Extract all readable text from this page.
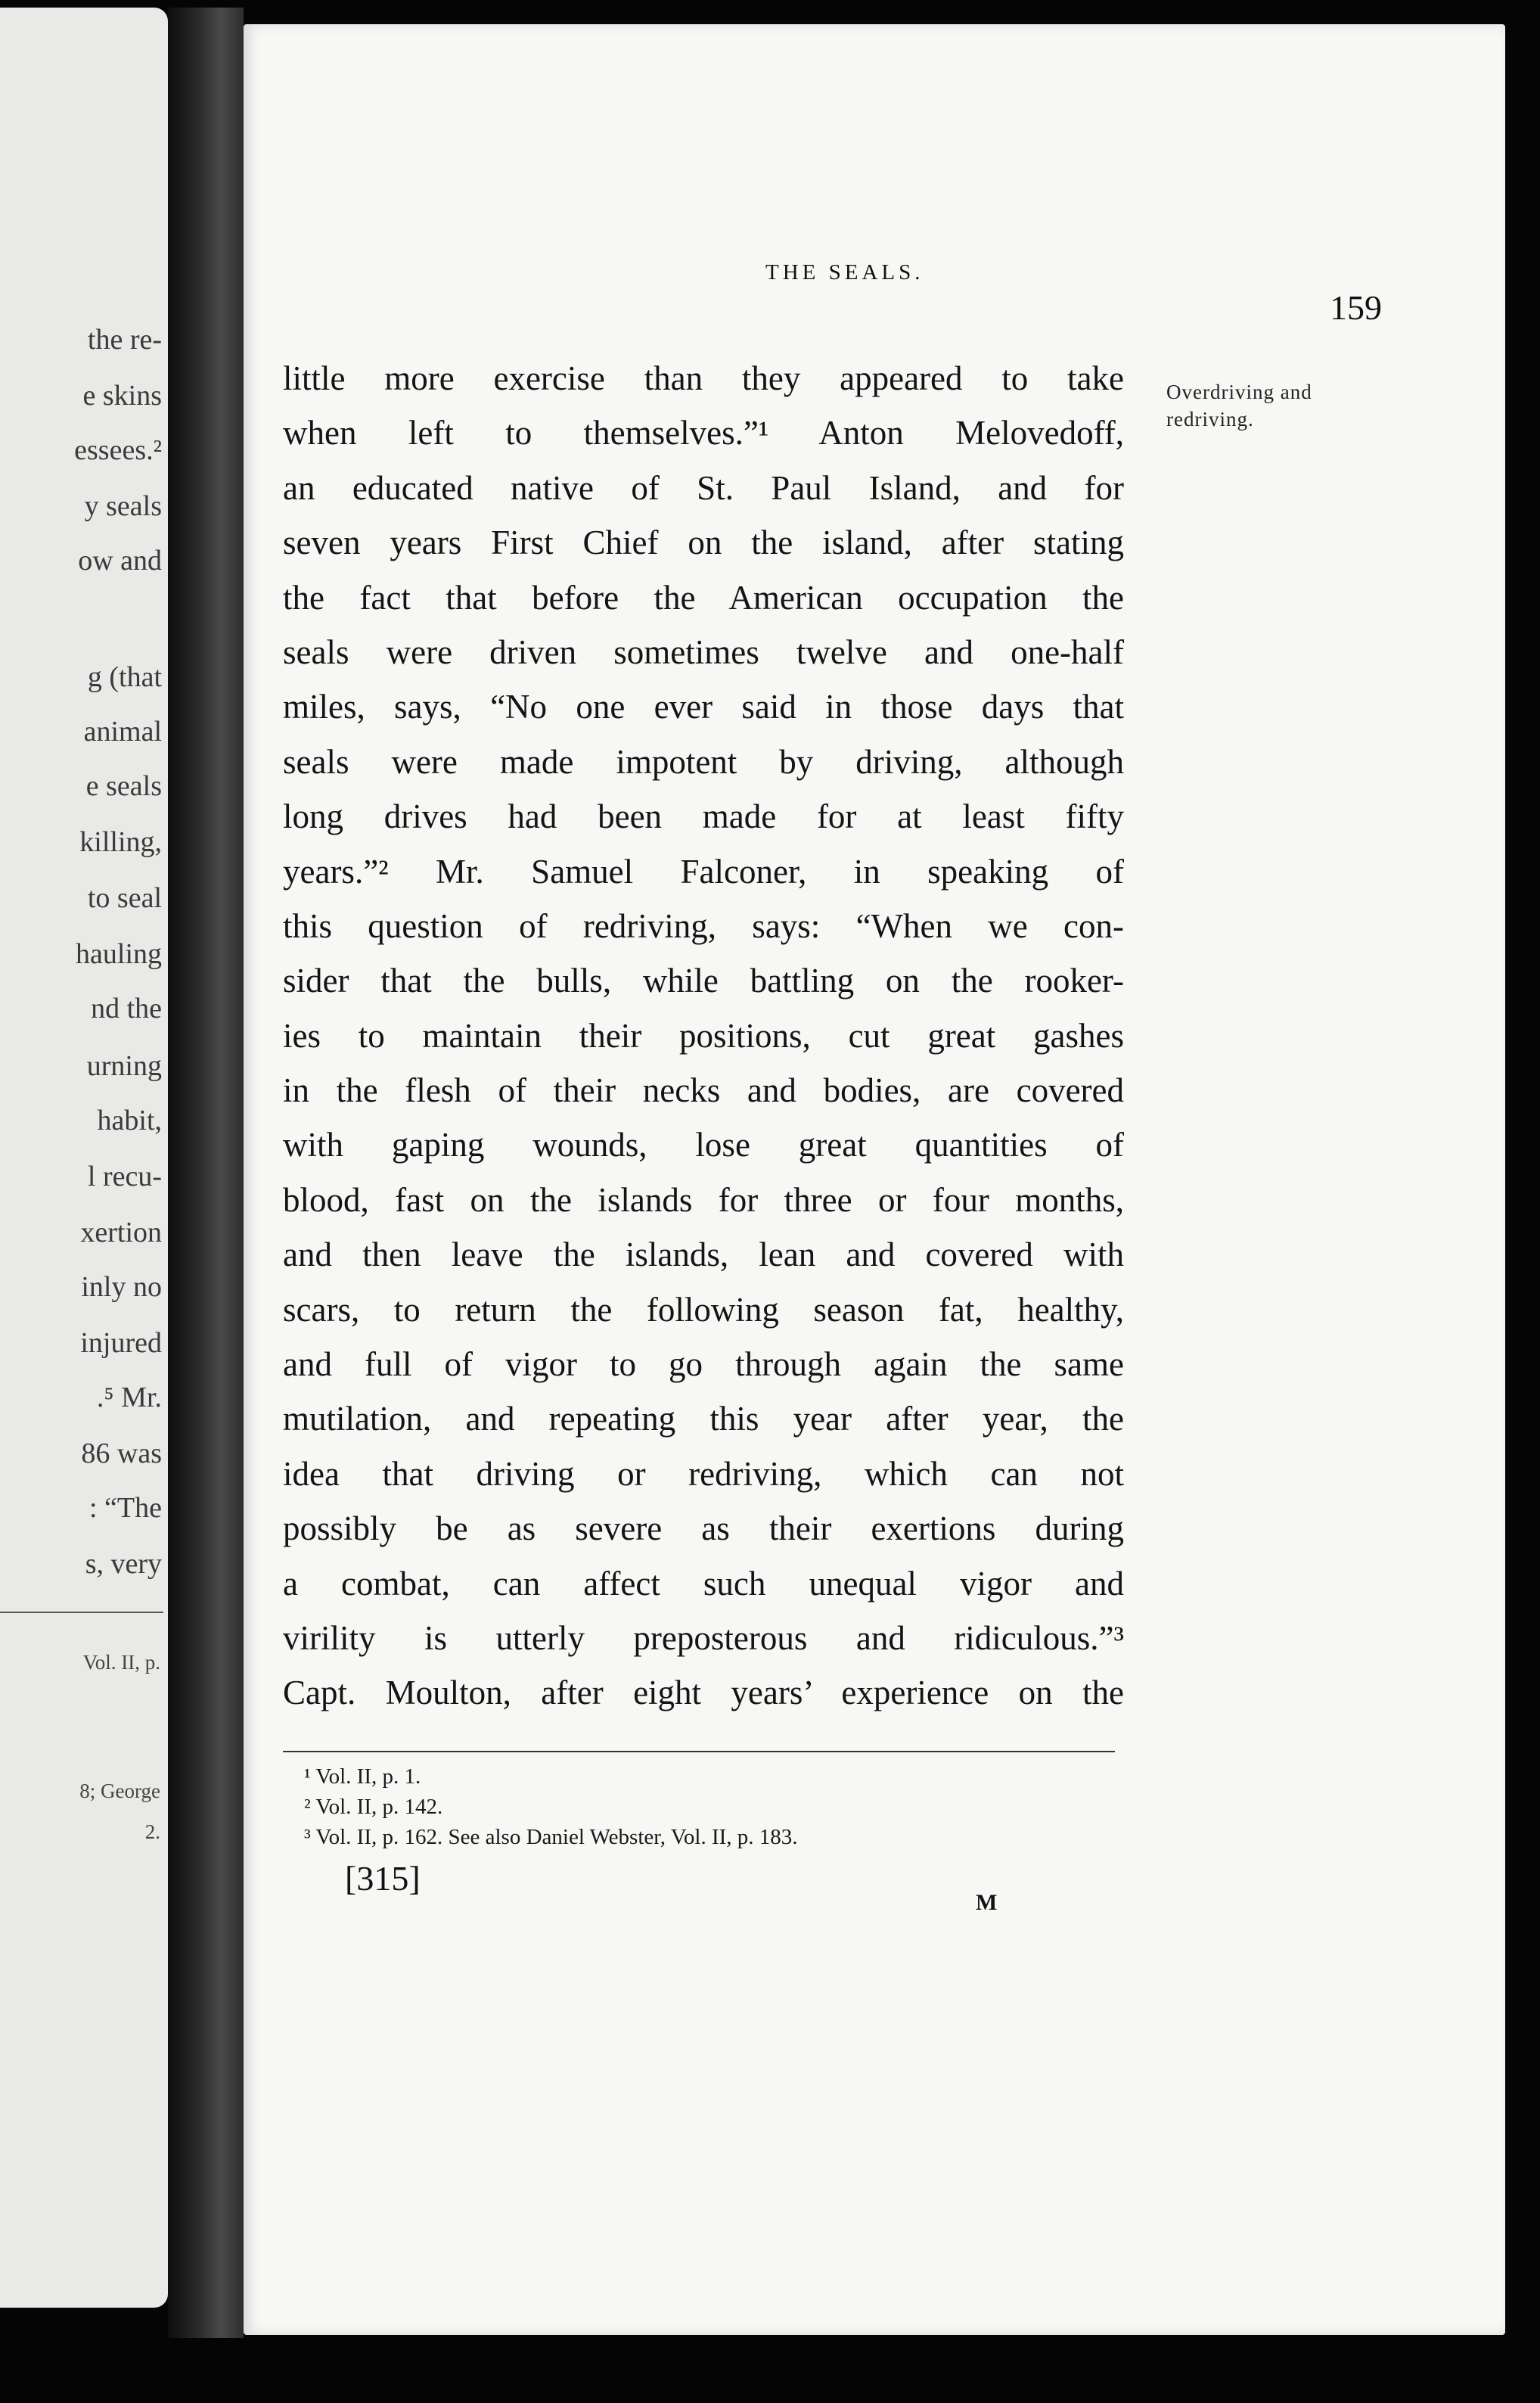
the re-
e skins
essees.²
y seals
ow and
g (that
animal
e seals
killing,
to seal
hauling
nd the
urning
habit,
l recu-
xertion
inly no
injured
.⁵ Mr.
86 was
: “The
s, very
Vol. II, p.
8; George
2.
THE SEALS.
159
little more exercise than they appeared to take
when left to themselves.”¹ Anton Melovedoff,
an educated native of St. Paul Island, and for
seven years First Chief on the island, after stating
the fact that before the American occupation the
seals were driven sometimes twelve and one-half
miles, says, “No one ever said in those days that
seals were made impotent by driving, although
long drives had been made for at least fifty
years.”² Mr. Samuel Falconer, in speaking of
this question of redriving, says: “When we con-
sider that the bulls, while battling on the rooker-
ies to maintain their positions, cut great gashes
in the flesh of their necks and bodies, are covered
with gaping wounds, lose great quantities of
blood, fast on the islands for three or four months,
and then leave the islands, lean and covered with
scars, to return the following season fat, healthy,
and full of vigor to go through again the same
mutilation, and repeating this year after year, the
idea that driving or redriving, which can not
possibly be as severe as their exertions during
a combat, can affect such unequal vigor and
virility is utterly preposterous and ridiculous.”³
Capt. Moulton, after eight years’ experience on the
Overdriving and
redriving.
¹ Vol. II, p. 1.
² Vol. II, p. 142.
³ Vol. II, p. 162. See also Daniel Webster, Vol. II, p. 183.
[315]
M
